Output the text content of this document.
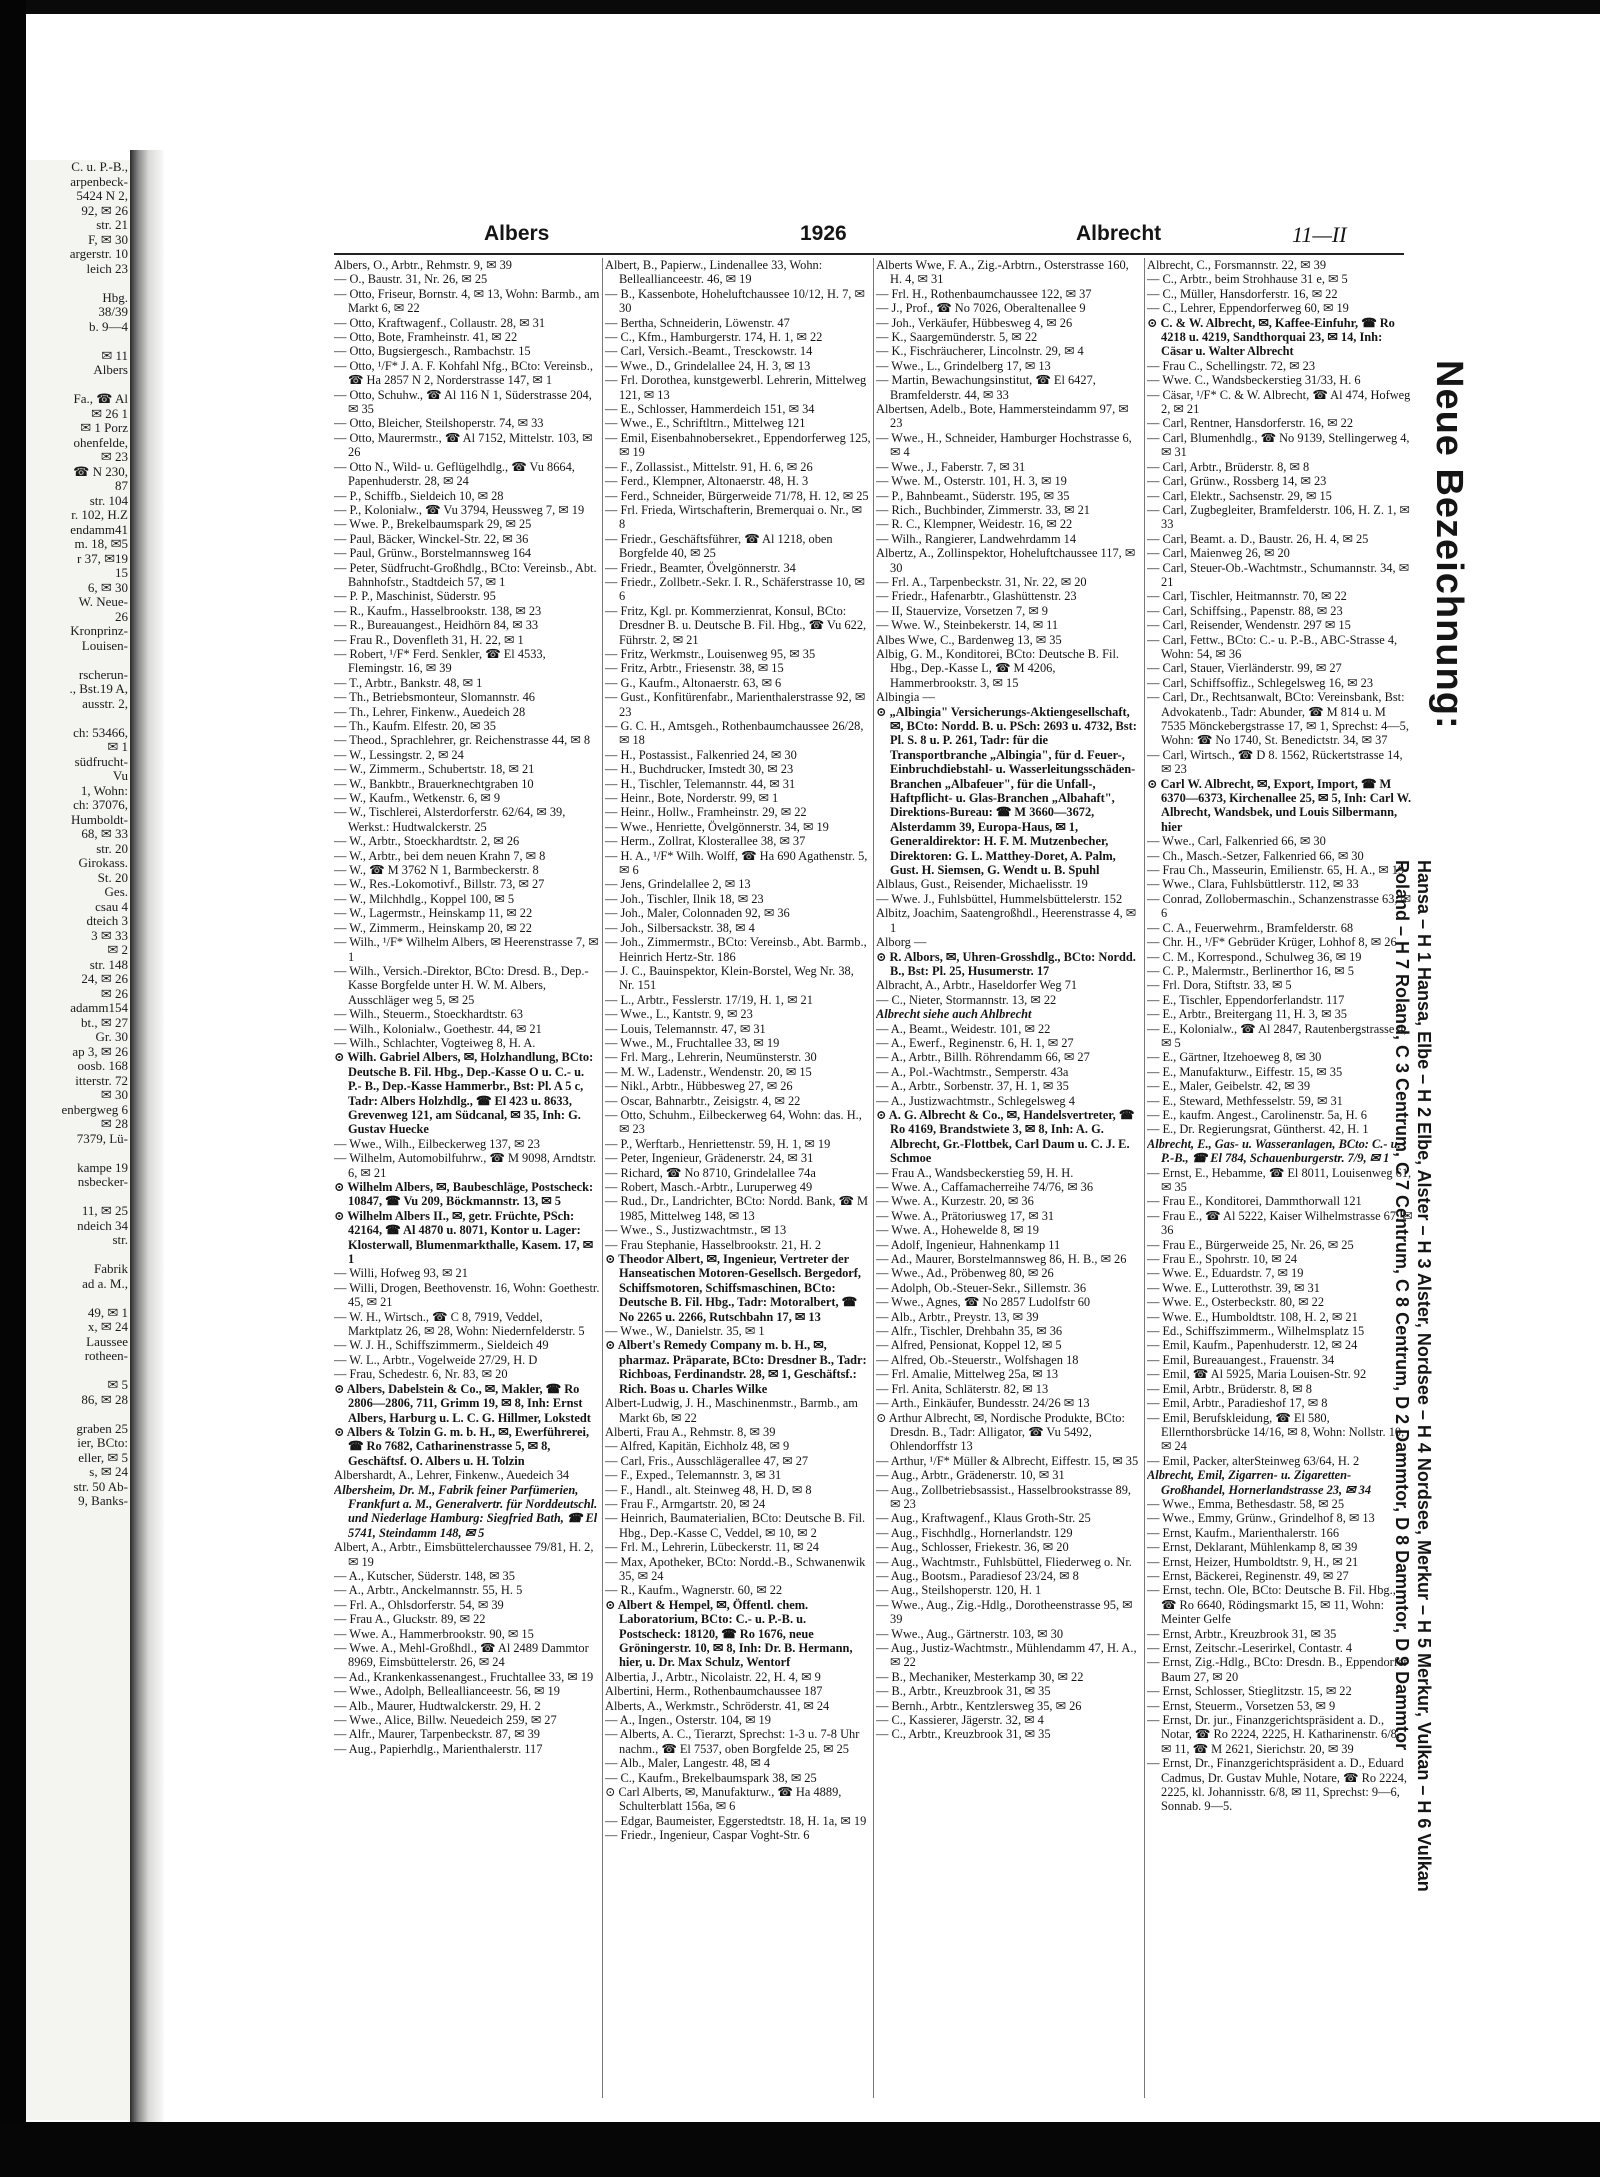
C. u. P.-B.,
arpenbeck-
5424 N 2,
92, ✉ 26
str. 21
F, ✉ 30
argerstr. 10
leich 23

Hbg.
38/39
b. 9—4

✉ 11
Albers

Fa., ☎ Al
✉ 26 1
✉ 1 Porz
ohenfelde,
✉ 23
☎ N 230,
87
str. 104
r. 102, H.Z
endamm41
m. 18, ✉5
r 37, ✉19
15
6, ✉ 30
W. Neue-
26
Kronprinz-
Louisen-

rscherun-
., Bst.19 A,
ausstr. 2,

ch: 53466,
✉ 1
südfrucht-
Vu
1, Wohn:
ch: 37076,
Humboldt-
68, ✉ 33
str. 20
Girokass.
St. 20
Ges.
csau 4
dteich 3
3 ✉ 33
✉ 2
str. 148
24, ✉ 26
✉ 26
adamm154
bt., ✉ 27
Gr. 30
ap 3, ✉ 26
oosb. 168
itterstr. 72
✉ 30
enbergweg 6
✉ 28
7379, Lü-

kampe 19
nsbecker-

11, ✉ 25
ndeich 34
str.

Fabrik
ad a. M.,

49, ✉ 1
x, ✉ 24
Laussee
rotheen-

✉ 5
86, ✉ 28

graben 25
ier, BCto:
eller, ✉ 5
s, ✉ 24
str. 50 Ab-
9, Banks-
Albers	1926	Albrecht	11—II

Albers, O., Arbtr., Rehmstr. 9, ✉ 39

— O., Baustr. 31, Nr. 26, ✉ 25

— Otto, Friseur, Bornstr. 4, ✉ 13, Wohn: Barmb., am Markt 6, ✉ 22

— Otto, Kraftwagenf., Collaustr. 28, ✉ 31

— Otto, Bote, Framheinstr. 41, ✉ 22

— Otto, Bugsiergesch., Rambachstr. 15

— Otto, ¹/F* J. A. F. Kohfahl Nfg., BCto: Vereinsb., ☎ Ha 2857 N 2, Norderstrasse 147, ✉ 1

— Otto, Schuhw., ☎ Al 116 N 1, Süderstrasse 204, ✉ 35

— Otto, Bleicher, Steilshoperstr. 74, ✉ 33

— Otto, Maurermstr., ☎ Al 7152, Mittelstr. 103, ✉ 26

— Otto N., Wild- u. Geflügelhdlg., ☎ Vu 8664, Papenhuderstr. 28, ✉ 24

— P., Schiffb., Sieldeich 10, ✉ 28

— P., Kolonialw., ☎ Vu 3794, Heussweg 7, ✉ 19

— Wwe. P., Brekelbaumspark 29, ✉ 25

— Paul, Bäcker, Winckel-Str. 22, ✉ 36

— Paul, Grünw., Borstelmannsweg 164

— Peter, Südfrucht-Großhdlg., BCto: Vereinsb., Abt. Bahnhofstr., Stadtdeich 57, ✉ 1

— P. P., Maschinist, Süderstr. 95

— R., Kaufm., Hasselbrookstr. 138, ✉ 23

— R., Bureauangest., Heidhörn 84, ✉ 33

— Frau R., Dovenfleth 31, H. 22, ✉ 1

— Robert, ¹/F* Ferd. Senkler, ☎ El 4533, Flemingstr. 16, ✉ 39

— T., Arbtr., Bankstr. 48, ✉ 1

— Th., Betriebsmonteur, Slomannstr. 46

— Th., Lehrer, Finkenw., Auedeich 28

— Th., Kaufm. Elfestr. 20, ✉ 35

— Theod., Sprachlehrer, gr. Reichenstrasse 44, ✉ 8

— W., Lessingstr. 2, ✉ 24

— W., Zimmerm., Schubertstr. 18, ✉ 21

— W., Bankbtr., Brauerknechtgraben 10

— W., Kaufm., Wetkenstr. 6, ✉ 9

— W., Tischlerei, Alsterdorferstr. 62/64, ✉ 39, Werkst.: Hudtwalckerstr. 25

— W., Arbtr., Stoeckhardtstr. 2, ✉ 26

— W., Arbtr., bei dem neuen Krahn 7, ✉ 8

— W., ☎ M 3762 N 1, Barmbeckerstr. 8

— W., Res.-Lokomotivf., Billstr. 73, ✉ 27

— W., Milchhdlg., Koppel 100, ✉ 5

— W., Lagermstr., Heinskamp 11, ✉ 22

— W., Zimmerm., Heinskamp 20, ✉ 22

— Wilh., ¹/F* Wilhelm Albers, ✉ Heerenstrasse 7, ✉ 1

— Wilh., Versich.-Direktor, BCto: Dresd. B., Dep.-Kasse Borgfelde unter H. W. M. Albers, Ausschläger weg 5, ✉ 25

— Wilh., Steuerm., Stoeckhardtstr. 63

— Wilh., Kolonialw., Goethestr. 44, ✉ 21

— Wilh., Schlachter, Vogteiweg 8, H. A.

⊙ Wilh. Gabriel Albers, ✉, Holzhandlung, BCto: Deutsche B. Fil. Hbg., Dep.-Kasse O u. C.- u. P.- B., Dep.-Kasse Hammerbr., Bst: Pl. A 5 c, Tadr: Albers Holzhdlg., ☎ El 423 u. 8633, Grevenweg 121, am Südcanal, ✉ 35, Inh: G. Gustav Huecke

— Wwe., Wilh., Eilbeckerweg 137, ✉ 23

— Wilhelm, Automobilfuhrw., ☎ M 9098, Arndtstr. 6, ✉ 21

⊙ Wilhelm Albers, ✉, Baubeschläge, Postscheck: 10847, ☎ Vu 209, Böckmannstr. 13, ✉ 5

⊙ Wilhelm Albers II., ✉, getr. Früchte, PSch: 42164, ☎ Al 4870 u. 8071, Kontor u. Lager: Klosterwall, Blumenmarkthalle, Kasem. 17, ✉ 1

— Willi, Hofweg 93, ✉ 21

— Willi, Drogen, Beethovenstr. 16, Wohn: Goethestr. 45, ✉ 21

— W. H., Wirtsch., ☎ C 8, 7919, Veddel, Marktplatz 26, ✉ 28, Wohn: Niedernfelderstr. 5

— W. J. H., Schiffszimmerm., Sieldeich 49

— W. L., Arbtr., Vogelweide 27/29, H. D

— Frau, Schedestr. 6, Nr. 83, ✉ 20

⊙ Albers, Dabelstein & Co., ✉, Makler, ☎ Ro 2806—2806, 711, Grimm 19, ✉ 8, Inh: Ernst Albers, Harburg u. L. C. G. Hillmer, Lokstedt

⊙ Albers & Tolzin G. m. b. H., ✉, Ewerführerei, ☎ Ro 7682, Catharinenstrasse 5, ✉ 8, Geschäftsf. O. Albers u. H. Tolzin

Albershardt, A., Lehrer, Finkenw., Auedeich 34

Albersheim, Dr. M., Fabrik feiner Parfümerien, Frankfurt a. M., Generalvertr. für Norddeutschl. und Niederlage Hamburg: Siegfried Bath, ☎ El 5741, Steindamm 148, ✉ 5

Albert, A., Arbtr., Eimsbüttelerchaussee 79/81, H. 2, ✉ 19

— A., Kutscher, Süderstr. 148, ✉ 35

— A., Arbtr., Anckelmannstr. 55, H. 5

— Frl. A., Ohlsdorferstr. 54, ✉ 39

— Frau A., Gluckstr. 89, ✉ 22

— Wwe. A., Hammerbrookstr. 90, ✉ 15

— Wwe. A., Mehl-Großhdl., ☎ Al 2489 Dammtor 8969, Eimsbüttelerstr. 26, ✉ 24

— Ad., Krankenkassenangest., Fruchtallee 33, ✉ 19

— Wwe., Adolph, Belleallianceestr. 56, ✉ 19

— Alb., Maurer, Hudtwalckerstr. 29, H. 2

— Wwe., Alice, Billw. Neuedeich 259, ✉ 27

— Alfr., Maurer, Tarpenbeckstr. 87, ✉ 39

— Aug., Papierhdlg., Marienthalerstr. 117

Albert, B., Papierw., Lindenallee 33, Wohn: Belleallianceestr. 46, ✉ 19

— B., Kassenbote, Hoheluftchaussee 10/12, H. 7, ✉ 30

— Bertha, Schneiderin, Löwenstr. 47

— C., Kfm., Hamburgerstr. 174, H. 1, ✉ 22

— Carl, Versich.-Beamt., Tresckowstr. 14

— Wwe., D., Grindelallee 24, H. 3, ✉ 13

— Frl. Dorothea, kunstgewerbl. Lehrerin, Mittelweg 121, ✉ 13

— E., Schlosser, Hammerdeich 151, ✉ 34

— Wwe., E., Schriftltrn., Mittelweg 121

— Emil, Eisenbahnobersekret., Eppendorferweg 125, ✉ 19

— F., Zollassist., Mittelstr. 91, H. 6, ✉ 26

— Ferd., Klempner, Altonaerstr. 48, H. 3

— Ferd., Schneider, Bürgerweide 71/78, H. 12, ✉ 25

— Frl. Frieda, Wirtschafterin, Bremerquai o. Nr., ✉ 8

— Friedr., Geschäftsführer, ☎ Al 1218, oben Borgfelde 40, ✉ 25

— Friedr., Beamter, Övelgönnerstr. 34

— Friedr., Zollbetr.-Sekr. I. R., Schäferstrasse 10, ✉ 6

— Fritz, Kgl. pr. Kommerzienrat, Konsul, BCto: Dresdner B. u. Deutsche B. Fil. Hbg., ☎ Vu 622, Führstr. 2, ✉ 21

— Fritz, Werkmstr., Louisenweg 95, ✉ 35

— Fritz, Arbtr., Friesenstr. 38, ✉ 15

— G., Kaufm., Altonaerstr. 63, ✉ 6

— Gust., Konfitürenfabr., Marienthalerstrasse 92, ✉ 23

— G. C. H., Amtsgeh., Rothenbaumchaussee 26/28, ✉ 18

— H., Postassist., Falkenried 24, ✉ 30

— H., Buchdrucker, Imstedt 30, ✉ 23

— H., Tischler, Telemannstr. 44, ✉ 31

— Heinr., Bote, Norderstr. 99, ✉ 1

— Heinr., Hollw., Framheinstr. 29, ✉ 22

— Wwe., Henriette, Övelgönnerstr. 34, ✉ 19

— Herm., Zollrat, Klosterallee 38, ✉ 37

— H. A., ¹/F* Wilh. Wolff, ☎ Ha 690 Agathenstr. 5, ✉ 6

— Jens, Grindelallee 2, ✉ 13

— Joh., Tischler, Ilnik 18, ✉ 23

— Joh., Maler, Colonnaden 92, ✉ 36

— Joh., Silbersackstr. 38, ✉ 4

— Joh., Zimmermstr., BCto: Vereinsb., Abt. Barmb., Heinrich Hertz-Str. 186

— J. C., Bauinspektor, Klein-Borstel, Weg Nr. 38, Nr. 151

— L., Arbtr., Fesslerstr. 17/19, H. 1, ✉ 21

— Wwe., L., Kantstr. 9, ✉ 23

— Louis, Telemannstr. 47, ✉ 31

— Wwe., M., Fruchtallee 33, ✉ 19

— Frl. Marg., Lehrerin, Neumünsterstr. 30

— M. W., Ladenstr., Wendenstr. 20, ✉ 15

— Nikl., Arbtr., Hübbesweg 27, ✉ 26

— Oscar, Bahnarbtr., Zeisigstr. 4, ✉ 22

— Otto, Schuhm., Eilbeckerweg 64, Wohn: das. H., ✉ 23

— P., Werftarb., Henriettenstr. 59, H. 1, ✉ 19

— Peter, Ingenieur, Grädenerstr. 24, ✉ 31

— Richard, ☎ No 8710, Grindelallee 74a

— Robert, Masch.-Arbtr., Luruperweg 49

— Rud., Dr., Landrichter, BCto: Nordd. Bank, ☎ M 1985, Mittelweg 148, ✉ 13

— Wwe., S., Justizwachtmstr., ✉ 13

— Frau Stephanie, Hasselbrookstr. 21, H. 2

⊙ Theodor Albert, ✉, Ingenieur, Vertreter der Hanseatischen Motoren-Gesellsch. Bergedorf, Schiffsmotoren, Schiffsmaschinen, BCto: Deutsche B. Fil. Hbg., Tadr: Motoralbert, ☎ No 2265 u. 2266, Rutschbahn 17, ✉ 13

— Wwe., W., Danielstr. 35, ✉ 1

⊙ Albert's Remedy Company m. b. H., ✉, pharmaz. Präparate, BCto: Dresdner B., Tadr: Richboas, Ferdinandstr. 28, ✉ 1, Geschäftsf.: Rich. Boas u. Charles Wilke

Albert-Ludwig, J. H., Maschinenmstr., Barmb., am Markt 6b, ✉ 22

Alberti, Frau A., Rehmstr. 8, ✉ 39

— Alfred, Kapitän, Eichholz 48, ✉ 9

— Carl, Fris., Ausschlägerallee 47, ✉ 27

— F., Exped., Telemannstr. 3, ✉ 31

— F., Handl., alt. Steinweg 48, H. D, ✉ 8

— Frau F., Armgartstr. 20, ✉ 24

— Heinrich, Baumaterialien, BCto: Deutsche B. Fil. Hbg., Dep.-Kasse C, Veddel, ✉ 10, ✉ 2

— Frl. M., Lehrerin, Lübeckerstr. 11, ✉ 24

— Max, Apotheker, BCto: Nordd.-B., Schwanenwik 35, ✉ 24

— R., Kaufm., Wagnerstr. 60, ✉ 22

⊙ Albert & Hempel, ✉, Öffentl. chem. Laboratorium, BCto: C.- u. P.-B. u. Postscheck: 18120, ☎ Ro 1676, neue Gröningerstr. 10, ✉ 8, Inh: Dr. B. Hermann, hier, u. Dr. Max Schulz, Wentorf

Albertia, J., Arbtr., Nicolaistr. 22, H. 4, ✉ 9

Albertini, Herm., Rothenbaumchaussee 187

Alberts, A., Werkmstr., Schröderstr. 41, ✉ 24

— A., Ingen., Osterstr. 104, ✉ 19

— Alberts, A. C., Tierarzt, Sprechst: 1-3 u. 7-8 Uhr nachm., ☎ El 7537, oben Borgfelde 25, ✉ 25

— Alb., Maler, Langestr. 48, ✉ 4

— C., Kaufm., Brekelbaumspark 38, ✉ 25

⊙ Carl Alberts, ✉, Manufakturw., ☎ Ha 4889, Schulterblatt 156a, ✉ 6

— Edgar, Baumeister, Eggerstedtstr. 18, H. 1a, ✉ 19

— Friedr., Ingenieur, Caspar Voght-Str. 6

Alberts Wwe, F. A., Zig.-Arbtrn., Osterstrasse 160, H. 4, ✉ 31

— Frl. H., Rothenbaumchaussee 122, ✉ 37

— J., Prof., ☎ No 7026, Oberaltenallee 9

— Joh., Verkäufer, Hübbesweg 4, ✉ 26

— K., Saargemünderstr. 5, ✉ 22

— K., Fischräucherer, Lincolnstr. 29, ✉ 4

— Wwe., L., Grindelberg 17, ✉ 13

— Martin, Bewachungsinstitut, ☎ El 6427, Bramfelderstr. 44, ✉ 33

Albertsen, Adelb., Bote, Hammersteindamm 97, ✉ 23

— Wwe., H., Schneider, Hamburger Hochstrasse 6, ✉ 4

— Wwe., J., Faberstr. 7, ✉ 31

— Wwe. M., Osterstr. 101, H. 3, ✉ 19

— P., Bahnbeamt., Süderstr. 195, ✉ 35

— Rich., Buchbinder, Zimmerstr. 33, ✉ 21

— R. C., Klempner, Weidestr. 16, ✉ 22

— Wilh., Rangierer, Landwehrdamm 14

Albertz, A., Zollinspektor, Hoheluftchaussee 117, ✉ 30

— Frl. A., Tarpenbeckstr. 31, Nr. 22, ✉ 20

— Friedr., Hafenarbtr., Glashüttenstr. 23

— II, Stauervize, Vorsetzen 7, ✉ 9

— Wwe. W., Steinbekerstr. 14, ✉ 11

Albes Wwe, C., Bardenweg 13, ✉ 35

Albig, G. M., Konditorei, BCto: Deutsche B. Fil. Hbg., Dep.-Kasse L, ☎ M 4206, Hammerbrookstr. 3, ✉ 15

Albingia —

⊙ „Albingia" Versicherungs-Aktiengesellschaft, ✉, BCto: Nordd. B. u. PSch: 2693 u. 4732, Bst: Pl. S. 8 u. P. 261, Tadr: für die Transportbranche „Albingia", für d. Feuer-, Einbruchdiebstahl- u. Wasserleitungsschäden-Branchen „Albafeuer", für die Unfall-, Haftpflicht- u. Glas-Branchen „Albahaft", Direktions-Bureau: ☎ M 3660—3672, Alsterdamm 39, Europa-Haus, ✉ 1, Generaldirektor: H. F. M. Mutzenbecher, Direktoren: G. L. Matthey-Doret, A. Palm, Gust. H. Siemsen, G. Wendt u. B. Spuhl

Alblaus, Gust., Reisender, Michaelisstr. 19

— Wwe. J., Fuhlsbüttel, Hummelsbüttelerstr. 152

Albitz, Joachim, Saatengroßhdl., Heerenstrasse 4, ✉ 1

Alborg —

⊙ R. Albors, ✉, Uhren-Grosshdlg., BCto: Nordd. B., Bst: Pl. 25, Husumerstr. 17

Albracht, A., Arbtr., Haseldorfer Weg 71

— C., Nieter, Stormannstr. 13, ✉ 22

Albrecht siehe auch Ahlbrecht

— A., Beamt., Weidestr. 101, ✉ 22

— A., Ewerf., Reginenstr. 6, H. 1, ✉ 27

— A., Arbtr., Billh. Röhrendamm 66, ✉ 27

— A., Pol.-Wachtmstr., Semperstr. 43a

— A., Arbtr., Sorbenstr. 37, H. 1, ✉ 35

— A., Justizwachtmstr., Schlegelsweg 4

⊙ A. G. Albrecht & Co., ✉, Handelsvertreter, ☎ Ro 4169, Brandstwiete 3, ✉ 8, Inh: A. G. Albrecht, Gr.-Flottbek, Carl Daum u. C. J. E. Schmoe

— Frau A., Wandsbeckerstieg 59, H. H.

— Wwe. A., Caffamacherreihe 74/76, ✉ 36

— Wwe. A., Kurzestr. 20, ✉ 36

— Wwe. A., Prätoriusweg 17, ✉ 31

— Wwe. A., Hohewelde 8, ✉ 19

— Adolf, Ingenieur, Hahnenkamp 11

— Ad., Maurer, Borstelmannsweg 86, H. B., ✉ 26

— Wwe., Ad., Pröbenweg 80, ✉ 26

— Adolph, Ob.-Steuer-Sekr., Sillemstr. 36

— Wwe., Agnes, ☎ No 2857 Ludolfstr 60

— Alb., Arbtr., Preystr. 13, ✉ 39

— Alfr., Tischler, Drehbahn 35, ✉ 36

— Alfred, Pensionat, Koppel 12, ✉ 5

— Alfred, Ob.-Steuerstr., Wolfshagen 18

— Frl. Amalie, Mittelweg 25a, ✉ 13

— Frl. Anita, Schläterstr. 82, ✉ 13

— Arth., Einkäufer, Bundesstr. 24/26 ✉ 13

⊙ Arthur Albrecht, ✉, Nordische Produkte, BCto: Dresdn. B., Tadr: Alligator, ☎ Vu 5492, Ohlendorffstr 13

— Arthur, ¹/F* Müller & Albrecht, Eiffestr. 15, ✉ 35

— Aug., Arbtr., Grädenerstr. 10, ✉ 31

— Aug., Zollbetriebsassist., Hasselbrookstrasse 89, ✉ 23

— Aug., Kraftwagenf., Klaus Groth-Str. 25

— Aug., Fischhdlg., Hornerlandstr. 129

— Aug., Schlosser, Friekestr. 36, ✉ 20

— Aug., Wachtmstr., Fuhlsbüttel, Fliederweg o. Nr.

— Aug., Bootsm., Paradiesof 23/24, ✉ 8

— Aug., Steilshoperstr. 120, H. 1

— Wwe., Aug., Zig.-Hdlg., Dorotheenstrasse 95, ✉ 39

— Wwe., Aug., Gärtnerstr. 103, ✉ 30

— Aug., Justiz-Wachtmstr., Mühlendamm 47, H. A., ✉ 22

— B., Mechaniker, Mesterkamp 30, ✉ 22

— B., Arbtr., Kreuzbrook 31, ✉ 35

— Bernh., Arbtr., Kentzlersweg 35, ✉ 26

— C., Kassierer, Jägerstr. 32, ✉ 4

— C., Arbtr., Kreuzbrook 31, ✉ 35

Albrecht, C., Forsmannstr. 22, ✉ 39

— C., Arbtr., beim Strohhause 31 e, ✉ 5

— C., Müller, Hansdorferstr. 16, ✉ 22

— C., Lehrer, Eppendorferweg 60, ✉ 19

⊙ C. & W. Albrecht, ✉, Kaffee-Einfuhr, ☎ Ro 4218 u. 4219, Sandthorquai 23, ✉ 14, Inh: Cäsar u. Walter Albrecht

— Frau C., Schellingstr. 72, ✉ 23

— Wwe. C., Wandsbeckerstieg 31/33, H. 6

— Cäsar, ¹/F* C. & W. Albrecht, ☎ Al 474, Hofweg 2, ✉ 21

— Carl, Rentner, Hansdorferstr. 16, ✉ 22

— Carl, Blumenhdlg., ☎ No 9139, Stellingerweg 4, ✉ 31

— Carl, Arbtr., Brüderstr. 8, ✉ 8

— Carl, Grünw., Rossberg 14, ✉ 23

— Carl, Elektr., Sachsenstr. 29, ✉ 15

— Carl, Zugbegleiter, Bramfelderstr. 106, H. Z. 1, ✉ 33

— Carl, Beamt. a. D., Baustr. 26, H. 4, ✉ 25

— Carl, Maienweg 26, ✉ 20

— Carl, Steuer-Ob.-Wachtmstr., Schumannstr. 34, ✉ 21

— Carl, Tischler, Heitmannstr. 70, ✉ 22

— Carl, Schiffsing., Papenstr. 88, ✉ 23

— Carl, Reisender, Wendenstr. 297 ✉ 15

— Carl, Fettw., BCto: C.- u. P.-B., ABC-Strasse 4, Wohn: 54, ✉ 36

— Carl, Stauer, Vierländerstr. 99, ✉ 27

— Carl, Schiffsoffiz., Schlegelsweg 16, ✉ 23

— Carl, Dr., Rechtsanwalt, BCto: Vereinsbank, Bst: Advokatenb., Tadr: Abunder, ☎ M 814 u. M 7535 Mönckebergstrasse 17, ✉ 1, Sprechst: 4—5, Wohn: ☎ No 1740, St. Benedictstr. 34, ✉ 37

— Carl, Wirtsch., ☎ D 8. 1562, Rückertstrasse 14, ✉ 23

⊙ Carl W. Albrecht, ✉, Export, Import, ☎ M 6370—6373, Kirchenallee 25, ✉ 5, Inh: Carl W. Albrecht, Wandsbek, und Louis Silbermann, hier

— Wwe., Carl, Falkenried 66, ✉ 30

— Ch., Masch.-Setzer, Falkenried 66, ✉ 30

— Frau Ch., Masseurin, Emilienstr. 65, H. A., ✉ 19

— Wwe., Clara, Fuhlsbüttlerstr. 112, ✉ 33

— Conrad, Zollobermaschin., Schanzenstrasse 63, ✉ 6

— C. A., Feuerwehrm., Bramfelderstr. 68

— Chr. H., ¹/F* Gebrüder Krüger, Lohhof 8, ✉ 26

— C. M., Korrespond., Schulweg 36, ✉ 19

— C. P., Malermstr., Berlinerthor 16, ✉ 5

— Frl. Dora, Stiftstr. 33, ✉ 5

— E., Tischler, Eppendorferlandstr. 117

— E., Arbtr., Breitergang 11, H. 3, ✉ 35

— E., Kolonialw., ☎ Al 2847, Rautenbergstrasse 4, ✉ 5

— E., Gärtner, Itzehoeweg 8, ✉ 30

— E., Manufakturw., Eiffestr. 15, ✉ 35

— E., Maler, Geibelstr. 42, ✉ 39

— E., Steward, Methfesselstr. 59, ✉ 31

— E., kaufm. Angest., Carolinenstr. 5a, H. 6

— E., Dr. Regierungsrat, Güntherst. 42, H. 1

Albrecht, E., Gas- u. Wasseranlagen, BCto: C.- u. P.-B., ☎ El 784, Schauenburgerstr. 7/9, ✉ 1

— Ernst, E., Hebamme, ☎ El 8011, Louisenweg 61, ✉ 35

— Frau E., Konditorei, Dammthorwall 121

— Frau E., ☎ Al 5222, Kaiser Wilhelmstrasse 67, ✉ 36

— Frau E., Bürgerweide 25, Nr. 26, ✉ 25

— Frau E., Spohrstr. 10, ✉ 24

— Wwe. E., Eduardstr. 7, ✉ 19

— Wwe. E., Lutterothstr. 39, ✉ 31

— Wwe. E., Osterbeckstr. 80, ✉ 22

— Wwe. E., Humboldtstr. 108, H. 2, ✉ 21

— Ed., Schiffszimmerm., Wilhelmsplatz 15

— Emil, Kaufm., Papenhuderstr. 12, ✉ 24

— Emil, Bureauangest., Frauenstr. 34

— Emil, ☎ Al 5925, Maria Louisen-Str. 92

— Emil, Arbtr., Brüderstr. 8, ✉ 8

— Emil, Arbtr., Paradieshof 17, ✉ 8

— Emil, Berufskleidung, ☎ El 580, Ellernthorsbrücke 14/16, ✉ 8, Wohn: Nollstr. 10, ✉ 24

— Emil, Packer, alterSteinweg 63/64, H. 2

Albrecht, Emil, Zigarren- u. Zigaretten-Großhandel, Hornerlandstrasse 23, ✉ 34

— Wwe., Emma, Bethesdastr. 58, ✉ 25

— Wwe., Emmy, Grünw., Grindelhof 8, ✉ 13

— Ernst, Kaufm., Marienthalerstr. 166

— Ernst, Deklarant, Mühlenkamp 8, ✉ 39

— Ernst, Heizer, Humboldtstr. 9, H., ✉ 21

— Ernst, Bäckerei, Reginenstr. 49, ✉ 27

— Ernst, techn. Ole, BCto: Deutsche B. Fil. Hbg., ☎ Ro 6640, Rödingsmarkt 15, ✉ 11, Wohn: Meinter Gelfe

— Ernst, Arbtr., Kreuzbrook 31, ✉ 35

— Ernst, Zeitschr.-Leserirkel, Contastr. 4

— Ernst, Zig.-Hdlg., BCto: Dresdn. B., Eppendorfer Baum 27, ✉ 20

— Ernst, Schlosser, Stieglitzstr. 15, ✉ 22

— Ernst, Steuerm., Vorsetzen 53, ✉ 9

— Ernst, Dr. jur., Finanzgerichtspräsident a. D., Notar, ☎ Ro 2224, 2225, H. Katharinenstr. 6/8, ✉ 11, ☎ M 2621, Sierichstr. 20, ✉ 39

— Ernst, Dr., Finanzgerichtspräsident a. D., Eduard Cadmus, Dr. Gustav Muhle, Notare, ☎ Ro 2224, 2225, kl. Johannisstr. 6/8, ✉ 11, Sprechst: 9—6, Sonnab. 9—5.

Neue Bezeichnung:
Hansa – H 1 Hansa, Elbe – H 2 Elbe, Alster – H 3 Alster, Nordsee – H 4 Nordsee, Merkur – H 5 Merkur, Vulkan – H 6 Vulkan
Roland – H 7 Roland, C 3 Centrum, C 7 Centrum, C 8 Centrum, D 2 Dammtor, D 8 Dammtor, D 9 Dammtor
